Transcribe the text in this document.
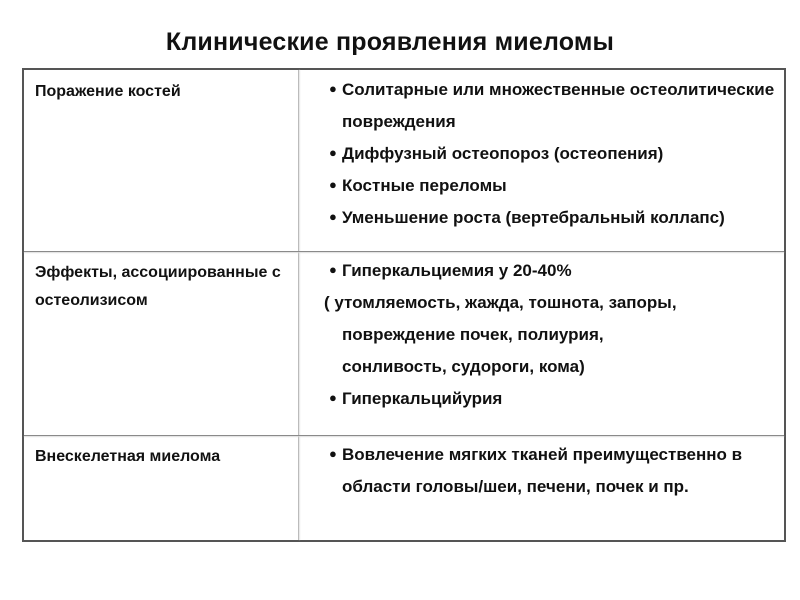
Клинические проявления миеломы
Поражение костей	● Солитарные или множественные остеолитические повреждения
● Диффузный остеопороз (остеопения)
● Костные переломы
● Уменьшение роста (вертебральный коллапс)
Эффекты, ассоциированные с остеолизисом
● Гиперкальциемия у 20-40%
( утомляемость, жажда, тошнота, запоры,
повреждение почек, полиурия,
сонливость, судороги, кома)
● Гиперкальцийурия
Внескелетная миелома	● Вовлечение мягких тканей преимущественно в области головы/шеи, печени, почек и пр.
